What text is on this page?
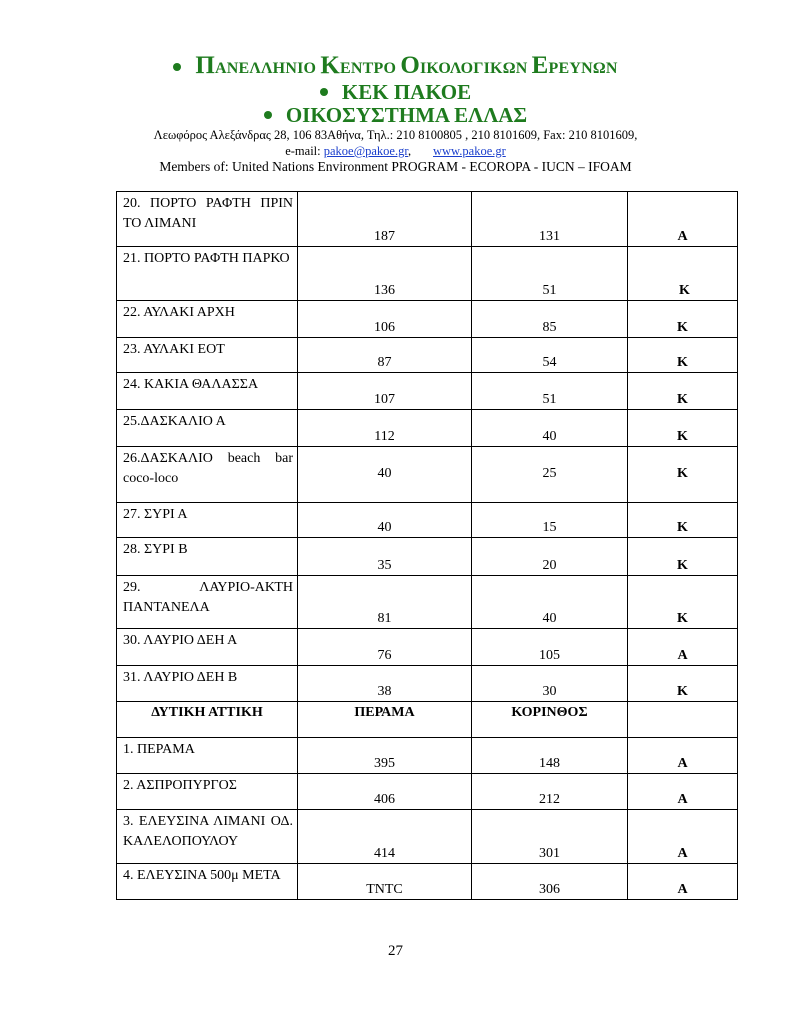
ΠΑΝΕΛΛΗΝΙΟ ΚΕΝΤΡΟ ΟΙΚΟΛΟΓΙΚΩΝ ΕΡΕΥΝΩΝ
ΚΕΚ ΠΑΚΟΕ
ΟΙΚΟΣΥΣΤΗΜΑ ΕΛΛΑΣ
Λεωφόρος Αλεξάνδρας 28, 106 83Αθήνα, Τηλ.: 210 8100805 , 210 8101609, Fax: 210 8101609,
e-mail: pakoe@pakoe.gr, www.pakoe.gr
Members of: United Nations Environment PROGRAM - ECOROPA - IUCN – IFOAM
20. ΠΟΡΤΟ ΡΑΦΤΗ ΠΡΙΝ ΤΟ ΛΙΜΑΝΙ	187	131	Α
21. ΠΟΡΤΟ ΡΑΦΤΗ ΠΑΡΚΟ	136	51	Κ
22. ΑΥΛΑΚΙ ΑΡΧΗ	106	85	Κ
23. ΑΥΛΑΚΙ ΕΟΤ	87	54	Κ
24. ΚΑΚΙΑ ΘΑΛΑΣΣΑ	107	51	Κ
25.ΔΑΣΚΑΛΙΟ Α	112	40	Κ
26.ΔΑΣΚΑΛΙΟ beach bar coco-loco	40	25	Κ
27. ΣΥΡΙ Α	40	15	Κ
28. ΣΥΡΙ Β	35	20	Κ
29. ΛΑΥΡΙΟ-ΑΚΤΗ ΠΑΝΤΑΝΕΛΑ	81	40	Κ
30. ΛΑΥΡΙΟ ΔΕΗ Α	76	105	Α
31. ΛΑΥΡΙΟ ΔΕΗ Β	38	30	Κ
ΔΥΤΙΚΗ ΑΤΤΙΚΗ	ΠΕΡΑΜΑ	ΚΟΡΙΝΘΟΣ	
1. ΠΕΡΑΜΑ	395	148	Α
2. ΑΣΠΡΟΠΥΡΓΟΣ	406	212	Α
3. ΕΛΕΥΣΙΝΑ ΛΙΜΑΝΙ ΟΔ. ΚΑΛΕΛΟΠΟΥΛΟΥ	414	301	Α
4. ΕΛΕΥΣΙΝΑ 500μ ΜΕΤΑ	TNTC	306	Α
27
